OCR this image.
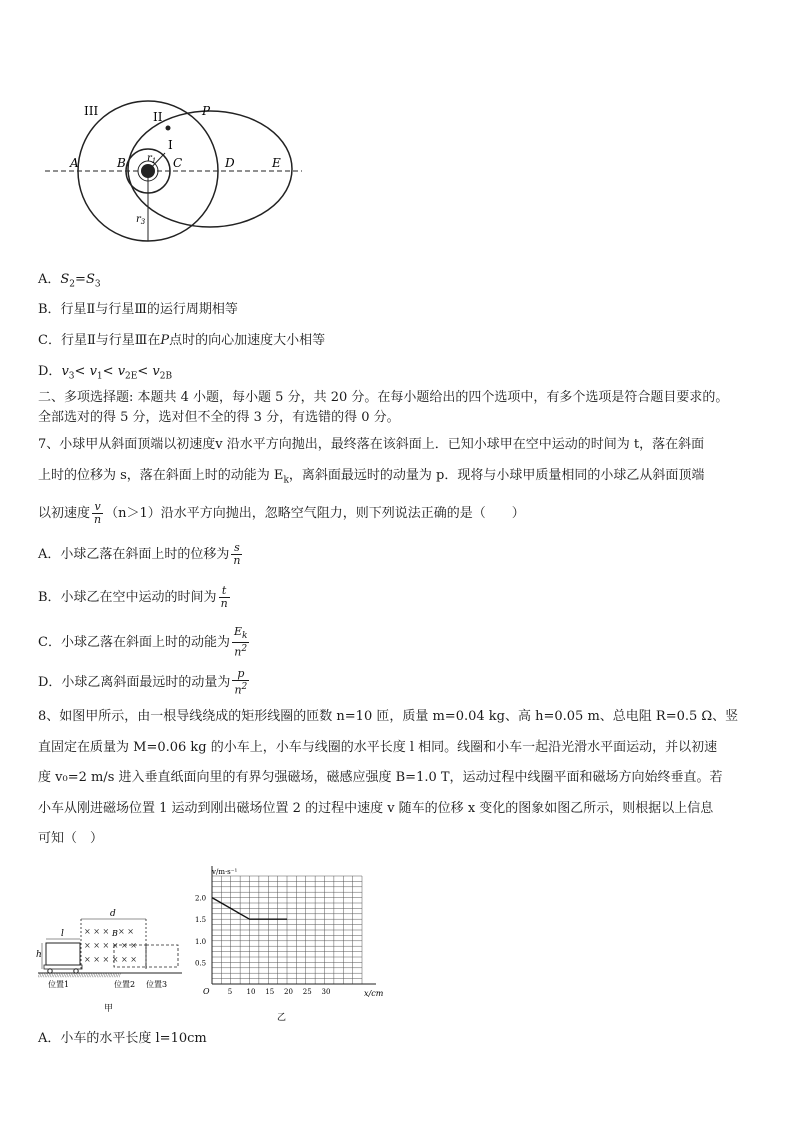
III	II	P
I
A	B	C	D	E
$r_1$
$r_3$
A．$S_2=S_3$
B．行星Ⅱ与行星Ⅲ的运行周期相等
C．行星Ⅱ与行星Ⅲ在P点时的向心加速度大小相等
D．$v_3< v_1< v_{2E}< v_{2B}$
二、多项选择题: 本题共 4 小题，每小题 5 分，共 20 分。在每小题给出的四个选项中，有多个选项是符合题目要求的。
全部选对的得 5 分，选对但不全的得 3 分，有选错的得 0 分。
7、小球甲从斜面顶端以初速度v 沿水平方向抛出，最终落在该斜面上．已知小球甲在空中运动的时间为 t，落在斜面
上时的位移为 s，落在斜面上时的动能为 $E_k$，离斜面最远时的动量为 p．现将与小球甲质量相同的小球乙从斜面顶端
以初速度 $\frac{v}{n} (n>1)$沿水平方向抛出，忽略空气阻力，则下列说法正确的是（　　）
A．小球乙落在斜面上时的位移为 $\frac{s}{n}$
B．小球乙在空中运动的时间为 $\frac{t}{n}$
C．小球乙落在斜面上时的动能为 $\frac{E_k}{n^2}$
D．小球乙离斜面最远时的动量为 $\frac{p}{n^2}$
8、如图甲所示，由一根导线绕成的矩形线圈的匝数 n=10 匝，质量 m=0.04 kg、高 h=0.05 m、总电阻 R=0.5 Ω、竖
直固定在质量为 M=0.06 kg 的小车上，小车与线圈的水平长度 l 相同。线圈和小车一起沿光滑水平面运动，并以初速
度 v₀=2 m/s 进入垂直纸面向里的有界匀强磁场，磁感应强度 B=1.0 T，运动过程中线圈平面和磁场方向始终垂直。若
小车从刚进磁场位置 1 运动到刚出磁场位置 2 的过程中速度 v 随车的位移 x 变化的图象如图乙所示，则根据以上信息
可知（　）
d
× × × × × × × × × × × × × × ×× ×
B
l
h
/////////////////////////////////////////////////
位置1	位置2 位置3
甲
5 10 15 20 25 30
0.5
1.0
1.5
2.0
v/m·s⁻¹
x/cm
O
乙
A．小车的水平长度 l=10cm
